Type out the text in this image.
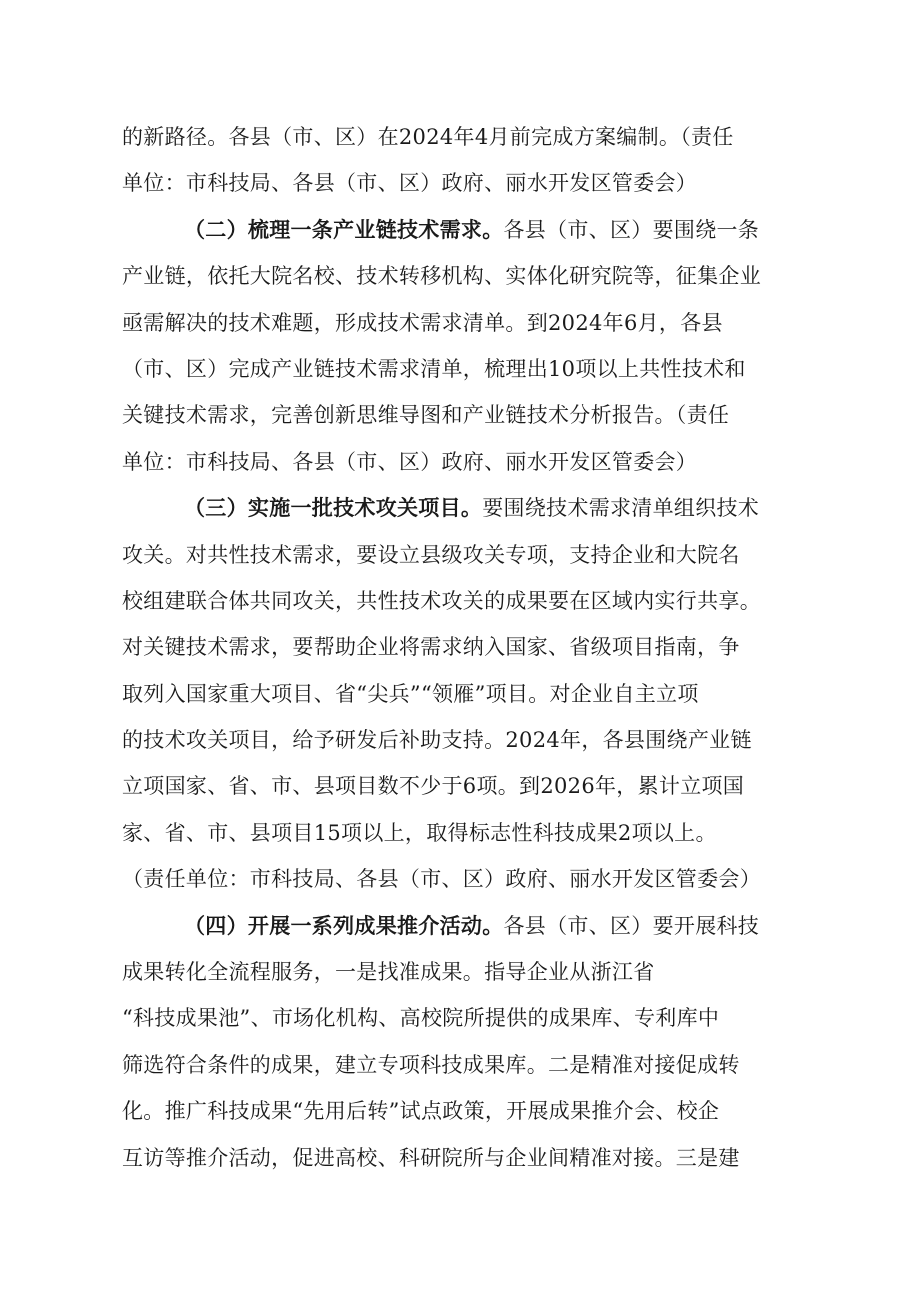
的新路径。各县（市、区）在2024年4月前完成方案编制。（责任
单位：市科技局、各县（市、区）政府、丽水开发区管委会）
（二）梳理一条产业链技术需求。各县（市、区）要围绕一条
产业链，依托大院名校、技术转移机构、实体化研究院等，征集企业
亟需解决的技术难题，形成技术需求清单。到2024年6月，各县
（市、区）完成产业链技术需求清单，梳理出10项以上共性技术和
关键技术需求，完善创新思维导图和产业链技术分析报告。（责任
单位：市科技局、各县（市、区）政府、丽水开发区管委会）
（三）实施一批技术攻关项目。要围绕技术需求清单组织技术
攻关。对共性技术需求，要设立县级攻关专项，支持企业和大院名
校组建联合体共同攻关，共性技术攻关的成果要在区域内实行共享。
对关键技术需求，要帮助企业将需求纳入国家、省级项目指南，争
取列入国家重大项目、省“尖兵”“领雁”项目。对企业自主立项
的技术攻关项目，给予研发后补助支持。2024年，各县围绕产业链
立项国家、省、市、县项目数不少于6项。到2026年，累计立项国
家、省、市、县项目15项以上，取得标志性科技成果2项以上。
（责任单位：市科技局、各县（市、区）政府、丽水开发区管委会）
（四）开展一系列成果推介活动。各县（市、区）要开展科技
成果转化全流程服务，一是找准成果。指导企业从浙江省
“科技成果池”、市场化机构、高校院所提供的成果库、专利库中
筛选符合条件的成果，建立专项科技成果库。二是精准对接促成转
化。推广科技成果“先用后转”试点政策，开展成果推介会、校企
互访等推介活动，促进高校、科研院所与企业间精准对接。三是建
